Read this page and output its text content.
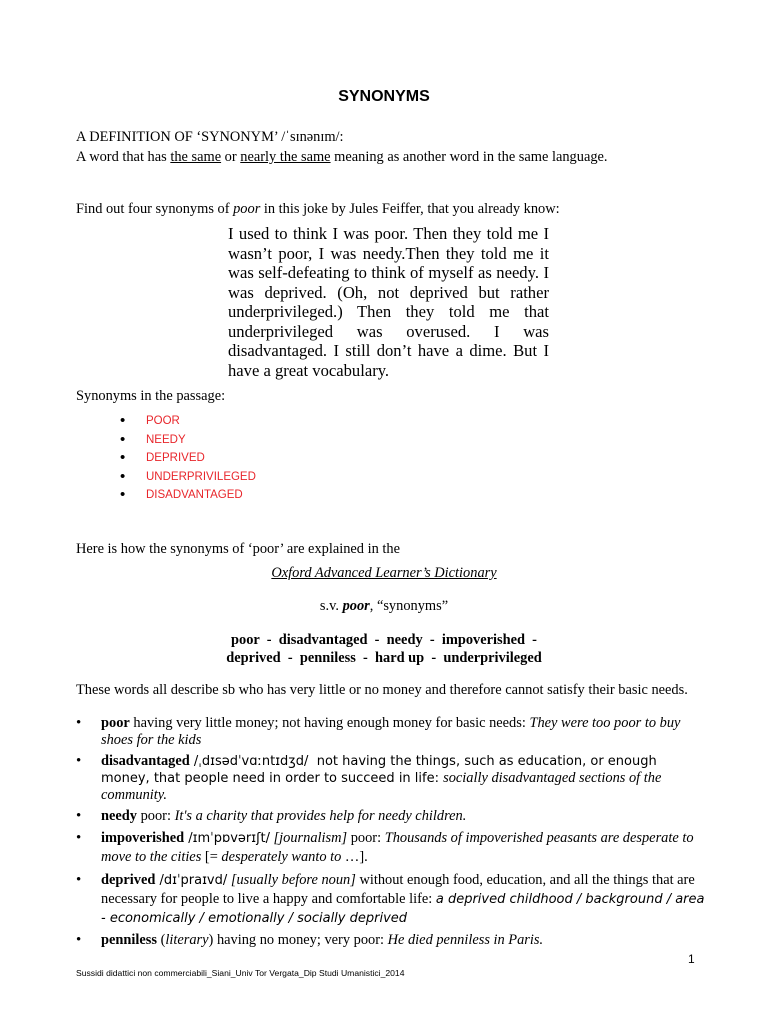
SYNONYMS
A DEFINITION OF ‘SYNONYM’ /ˈsɪnənɪm/:
A word that has the same or nearly the same meaning as another word in the same language.
Find out four synonyms of poor in this joke by Jules Feiffer, that you already know:
I used to think I was poor. Then they told me I wasn’t poor, I was needy.Then they told me it was self-defeating to think of myself as needy. I was deprived. (Oh, not deprived but rather underprivileged.) Then they told me that underprivileged was overused. I was disadvantaged. I still don’t have a dime. But I have a great vocabulary.
Synonyms in the passage:
• POOR
• NEEDY
• DEPRIVED
• UNDERPRIVILEGED
• DISADVANTAGED
Here is how the synonyms of ‘poor’ are explained in the
Oxford Advanced Learner’s Dictionary
s.v. poor, “synonyms”
poor  -  disadvantaged  -  needy  -  impoverished  -
deprived  -  penniless  -  hard up  -  underprivileged
These words all describe sb who has very little or no money and therefore cannot satisfy their basic needs.
• poor having very little money; not having enough money for basic needs: They were too poor to buy shoes for the kids
• disadvantaged /ˌdɪsədˈvɑːntɪdʒd/  not having the things, such as education, or enough money, that people need in order to succeed in life: socially disadvantaged sections of the community.
• needy poor: It's a charity that provides help for needy children.
• impoverished /ɪmˈpɒvərɪʃt/ [journalism] poor: Thousands of impoverished peasants are desperate to move to the cities [= desperately wanto to …].
• deprived /dɪˈpraɪvd/ [usually before noun] without enough food, education, and all the things that are necessary for people to live a happy and comfortable life: a deprived childhood / background / area - economically / emotionally / socially deprived
• penniless (literary) having no money; very poor: He died penniless in Paris.
1
Sussidi didattici non commerciabili_Siani_Univ Tor Vergata_Dip Studi Umanistici_2014
